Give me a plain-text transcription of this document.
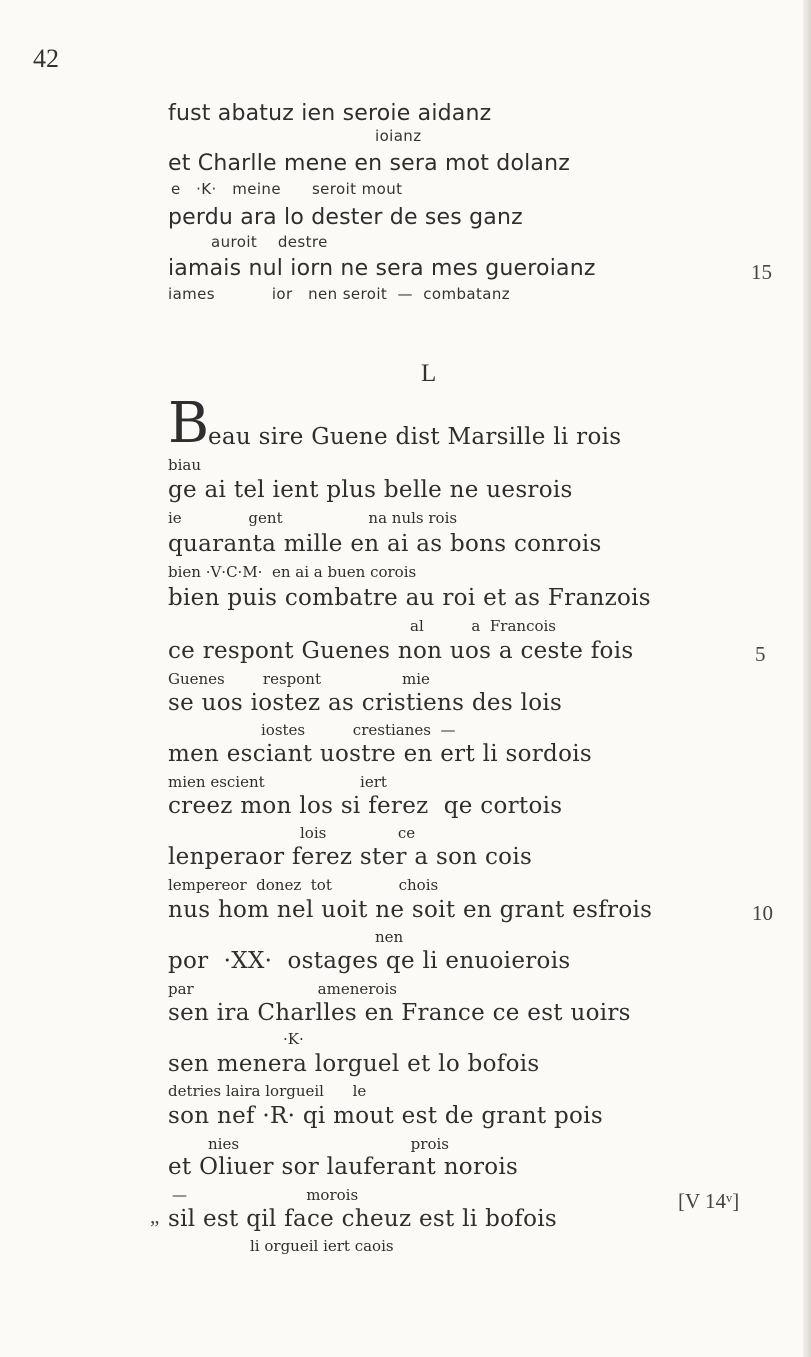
42
fust abatuz ien seroie aidanz
ioianz
et Charlle mene en sera mot dolanz
e   ·K·   meine      seroit mout
perdu ara lo dester de ses ganz
auroit    destre
iamais nul iorn ne sera mes gueroianz	15
iames           ior   nen seroit  —  combatanz
L
B
eau sire Guene dist Marsille li rois
biau
ge ai tel ient plus belle ne uesrois
ie              gent                  na nuls rois
quaranta mille en ai as bons conrois
bien ·V·C·M·  en ai a buen corois
bien puis combatre au roi et as Franzois
al          a  Francois
ce respont Guenes non uos a ceste fois	5
Guenes        respont                 mie
se uos iostez as cristiens des lois
iostes          crestianes  —
men esciant uostre en ert li sordois
mien escient                    iert
creez mon los si ferez  qe cortois
lois               ce
lenperaor ferez ster a son cois
lempereor  donez  tot              chois
nus hom nel uoit ne soit en grant esfrois	10
nen
por  ·XX·  ostages qe li enuoierois
par                          amenerois
sen ira Charlles en France ce est uoirs
·K·
sen menera lorguel et lo bofois
detries laira lorgueil      le
son nef ·R· qi mout est de grant pois
nies                                    prois
et Oliuer sor lauferant norois
—                         morois	[V 14ᵛ]
„ sil est qil face cheuz est li bofois
li orgueil iert caois
